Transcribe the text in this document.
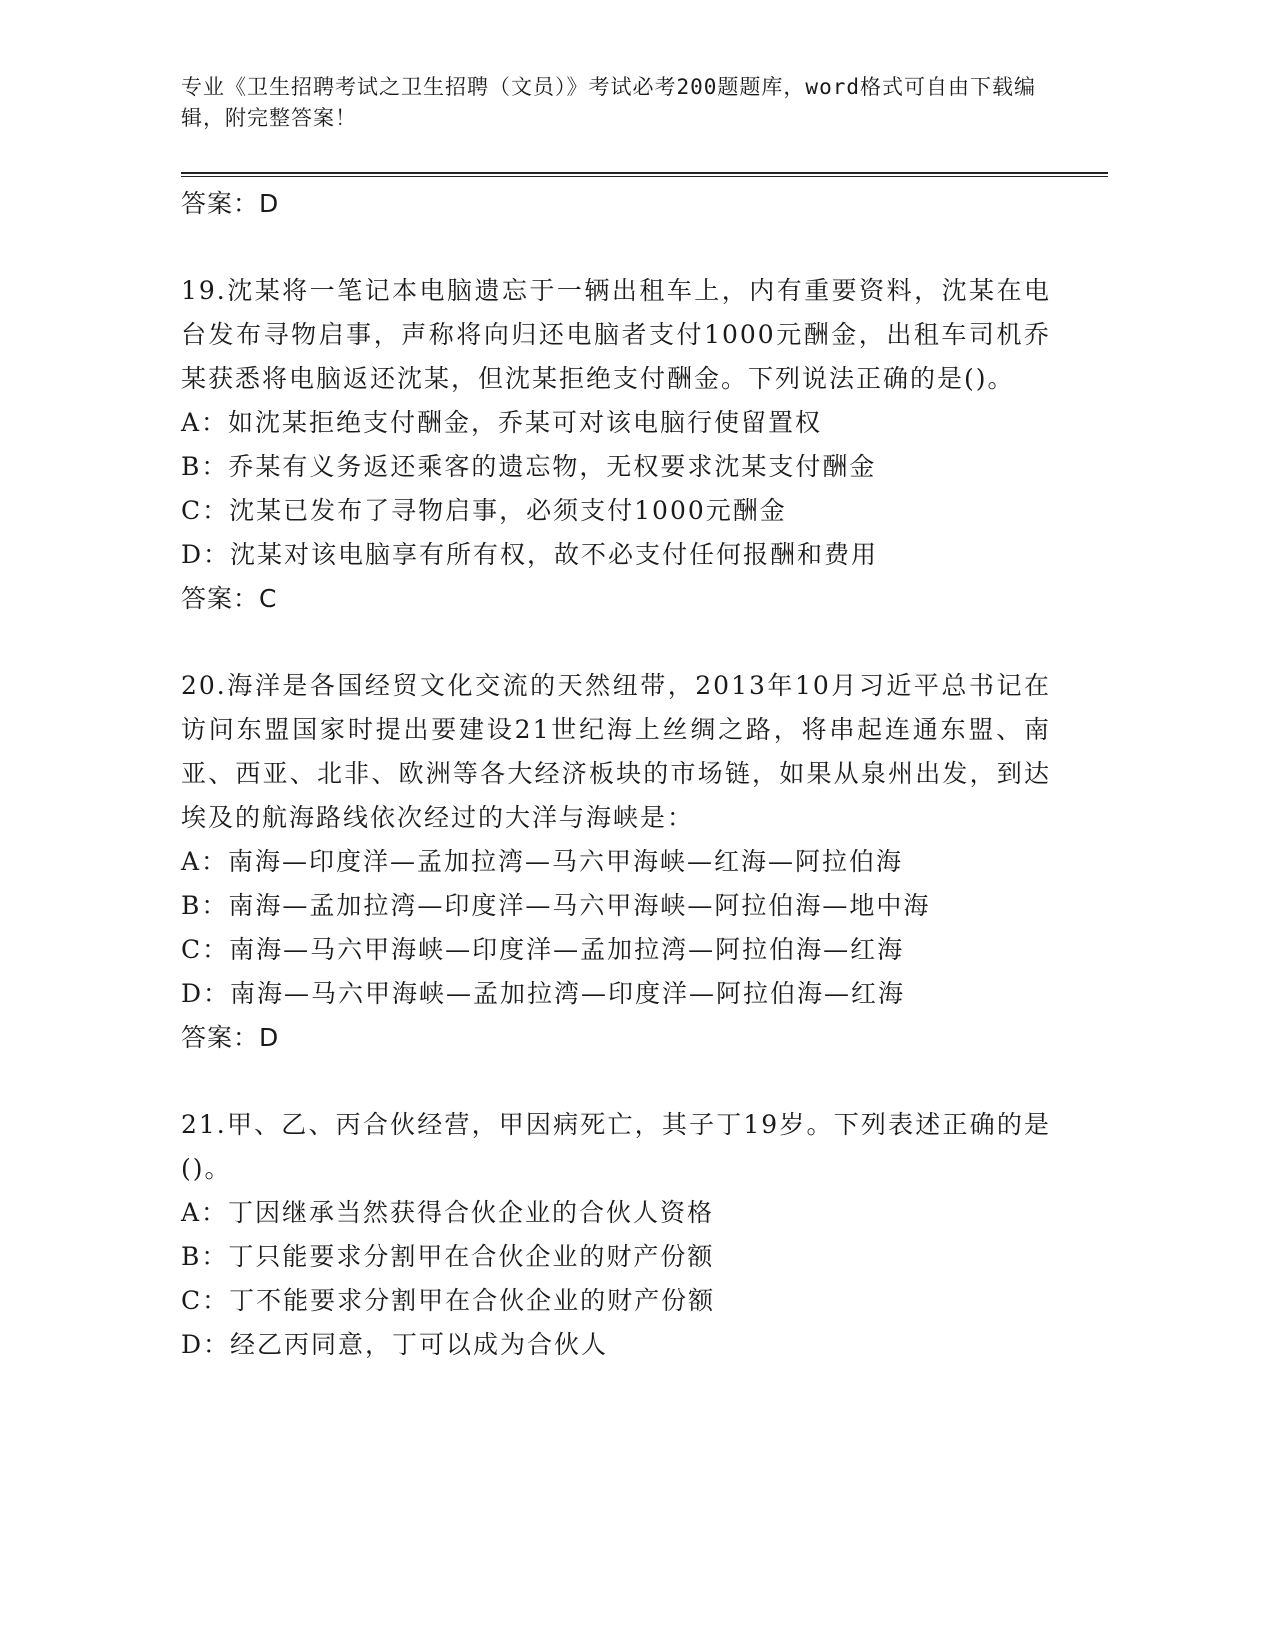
专业《卫生招聘考试之卫生招聘（文员）》考试必考200题题库，word格式可自由下载编辑，附完整答案！

答案：D

19.沈某将一笔记本电脑遗忘于一辆出租车上，内有重要资料，沈某在电台发布寻物启事，声称将向归还电脑者支付1000元酬金，出租车司机乔某获悉将电脑返还沈某，但沈某拒绝支付酬金。下列说法正确的是()。

A：如沈某拒绝支付酬金，乔某可对该电脑行使留置权

B：乔某有义务返还乘客的遗忘物，无权要求沈某支付酬金

C：沈某已发布了寻物启事，必须支付1000元酬金

D：沈某对该电脑享有所有权，故不必支付任何报酬和费用

答案：C

20.海洋是各国经贸文化交流的天然纽带，2013年10月习近平总书记在访问东盟国家时提出要建设21世纪海上丝绸之路，将串起连通东盟、南亚、西亚、北非、欧洲等各大经济板块的市场链，如果从泉州出发，到达埃及的航海路线依次经过的大洋与海峡是：

A：南海—印度洋—孟加拉湾—马六甲海峡—红海—阿拉伯海

B：南海—孟加拉湾—印度洋—马六甲海峡—阿拉伯海—地中海

C：南海—马六甲海峡—印度洋—孟加拉湾—阿拉伯海—红海

D：南海—马六甲海峡—孟加拉湾—印度洋—阿拉伯海—红海

答案：D

21.甲、乙、丙合伙经营，甲因病死亡，其子丁19岁。下列表述正确的是()。

A：丁因继承当然获得合伙企业的合伙人资格

B：丁只能要求分割甲在合伙企业的财产份额

C：丁不能要求分割甲在合伙企业的财产份额

D：经乙丙同意，丁可以成为合伙人
